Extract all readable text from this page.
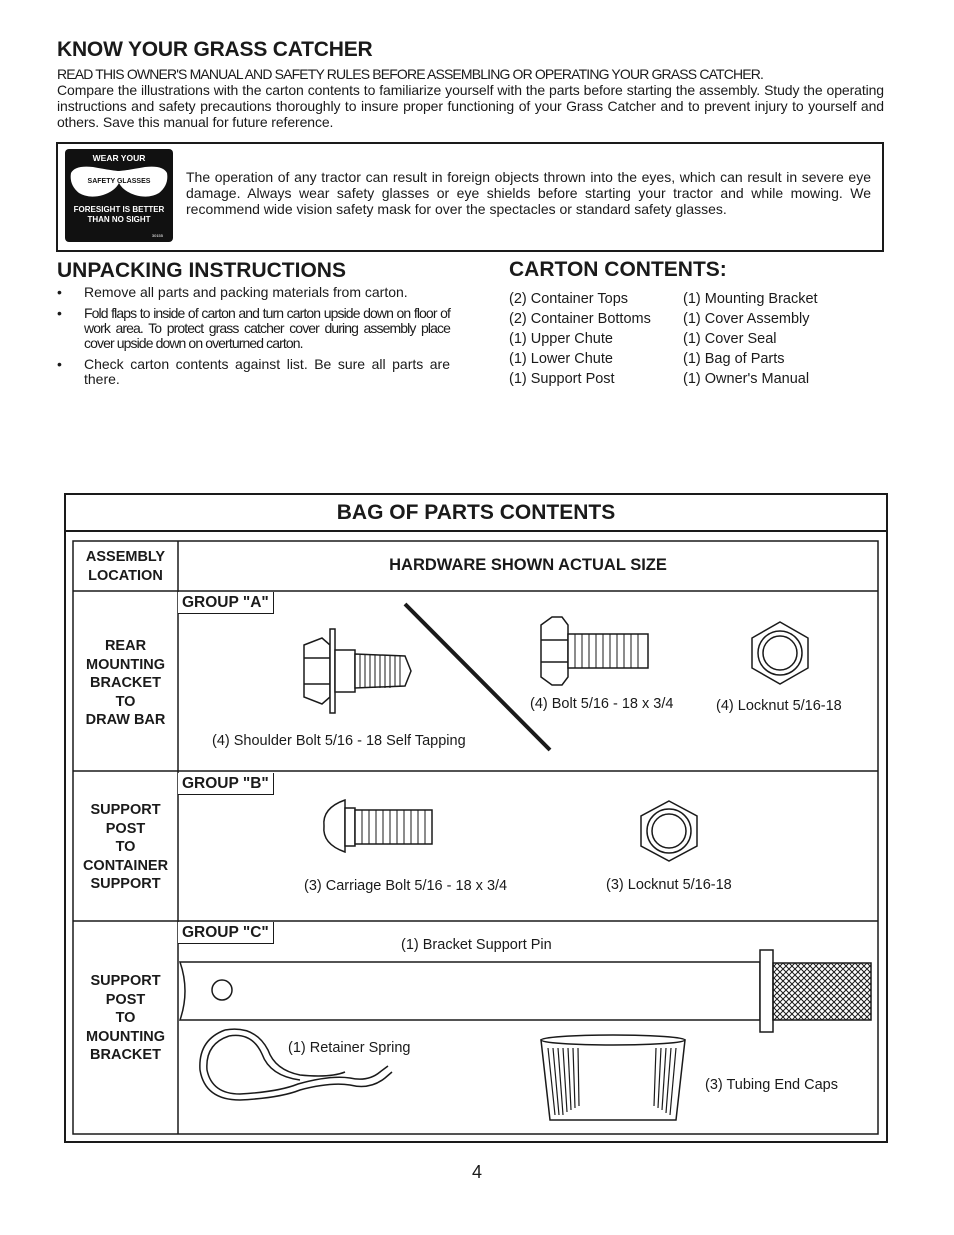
KNOW YOUR GRASS CATCHER
READ THIS OWNER'S MANUAL AND SAFETY RULES BEFORE ASSEMBLING OR OPERATING YOUR GRASS CATCHER.
Compare the illustrations with the carton contents to familiarize yourself with the parts before starting the assembly. Study the operating instructions and safety precautions thoroughly to insure proper functioning of your Grass Catcher and to prevent injury to yourself and others. Save this manual for future reference.
WEAR YOUR
SAFETY GLASSES
FORESIGHT IS BETTER
THAN NO SIGHT
30155
The operation of any tractor can result in foreign objects thrown into the eyes, which can result in severe eye damage. Always wear safety glasses or eye shields before starting your tractor and while mowing. We recommend wide vision safety mask for over the spectacles or standard safety glasses.
UNPACKING INSTRUCTIONS
• Remove all parts and packing materials from carton.
• Fold flaps to inside of carton and turn carton upside down on floor of work area. To protect grass catcher cover during assembly place cover upside down on overturned carton.
• Check carton contents against list. Be sure all parts are there.
CARTON CONTENTS:
(2) Container Tops
(2) Container Bottoms
(1) Upper Chute
(1) Lower Chute
(1) Support Post
(1) Mounting Bracket
(1) Cover Assembly
(1) Cover Seal
(1) Bag of Parts
(1) Owner's Manual
BAG OF PARTS CONTENTS
ASSEMBLY LOCATION
HARDWARE SHOWN ACTUAL SIZE
REAR
MOUNTING
BRACKET
TO
DRAW BAR
GROUP "A"
(4) Shoulder Bolt 5/16 - 18 Self Tapping
(4) Bolt 5/16 - 18 x 3/4	(4) Locknut 5/16-18
SUPPORT
POST
TO
CONTAINER
SUPPORT
GROUP "B"
(3) Carriage Bolt 5/16 - 18 x 3/4	(3) Locknut 5/16-18
SUPPORT
POST
TO
MOUNTING
BRACKET
GROUP "C"
(1) Bracket Support Pin
(1) Retainer Spring
(3) Tubing End Caps
4
